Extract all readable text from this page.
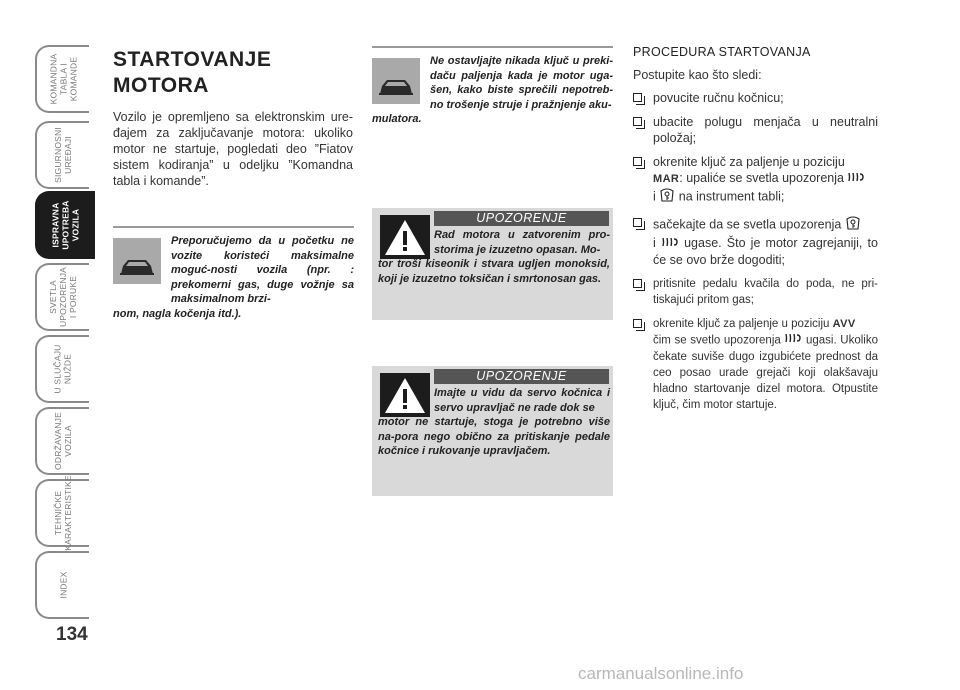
KOMANDNA
TABLA I
KOMANDE
SIGURNOSNI
UREĐAJI
ISPRAVNA
UPOTREBA
VOZILA
SVETLA
UPOZORENJA
I PORUKE
U SLUČAJU
NUŽDE
ODRŽAVANJE
VOZILA
TEHNIČKE
KARAKTERISTIKE
INDEX
134
STARTOVANJE
MOTORA
Vozilo je opremljeno sa elektronskim ure-đajem za zaključavanje motora: ukoliko motor ne startuje, pogledati deo ”Fiatov sistem kodiranja” u odeljku ”Komandna tabla i komande”.
Preporučujemo da u početku ne vozite koristeći maksimalne moguć-nosti vozila (npr. : prekomerni gas, duge vožnje sa maksimalnom brzi-
nom, nagla kočenja itd.).
Ne ostavljajte nikada ključ u preki-daču paljenja kada je motor uga-šen, kako biste sprečili nepotreb-no trošenje struje i pražnjenje aku-
mulatora.
UPOZORENJE
Rad motora u zatvorenim pro-storima je izuzetno opasan. Mo-
tor troši kiseonik i stvara ugljen monoksid, koji je izuzetno toksičan i smrtonosan gas.
UPOZORENJE
Imajte u vidu da servo kočnica i servo upravljač ne rade dok se
motor ne startuje, stoga je potrebno više na-pora nego obično za pritiskanje pedale kočnice i rukovanje upravljačem.
PROCEDURA STARTOVANJA
Postupite kao što sledi:
povucite ručnu kočnicu;
ubacite polugu menjača u neutralni položaj;
okrenite ključ za paljenje u poziciju
MAR: upaliće se svetla upozorenja
i na instrument tabli;
sačekajte da se svetla upozorenja
i ugase. Što je motor zagrejaniji, to će se ovo brže dogoditi;
pritisnite pedalu kvačila do poda, ne pri-tiskajući pritom gas;
okrenite ključ za paljenje u poziciju AVV
čim se svetlo upozorenja ugasi. Ukoliko čekate suviše dugo izgubićete prednost da ceo posao urade grejači koji olakšavaju hladno startovanje dizel motora. Otpustite ključ, čim motor startuje.
carmanualsonline.info
